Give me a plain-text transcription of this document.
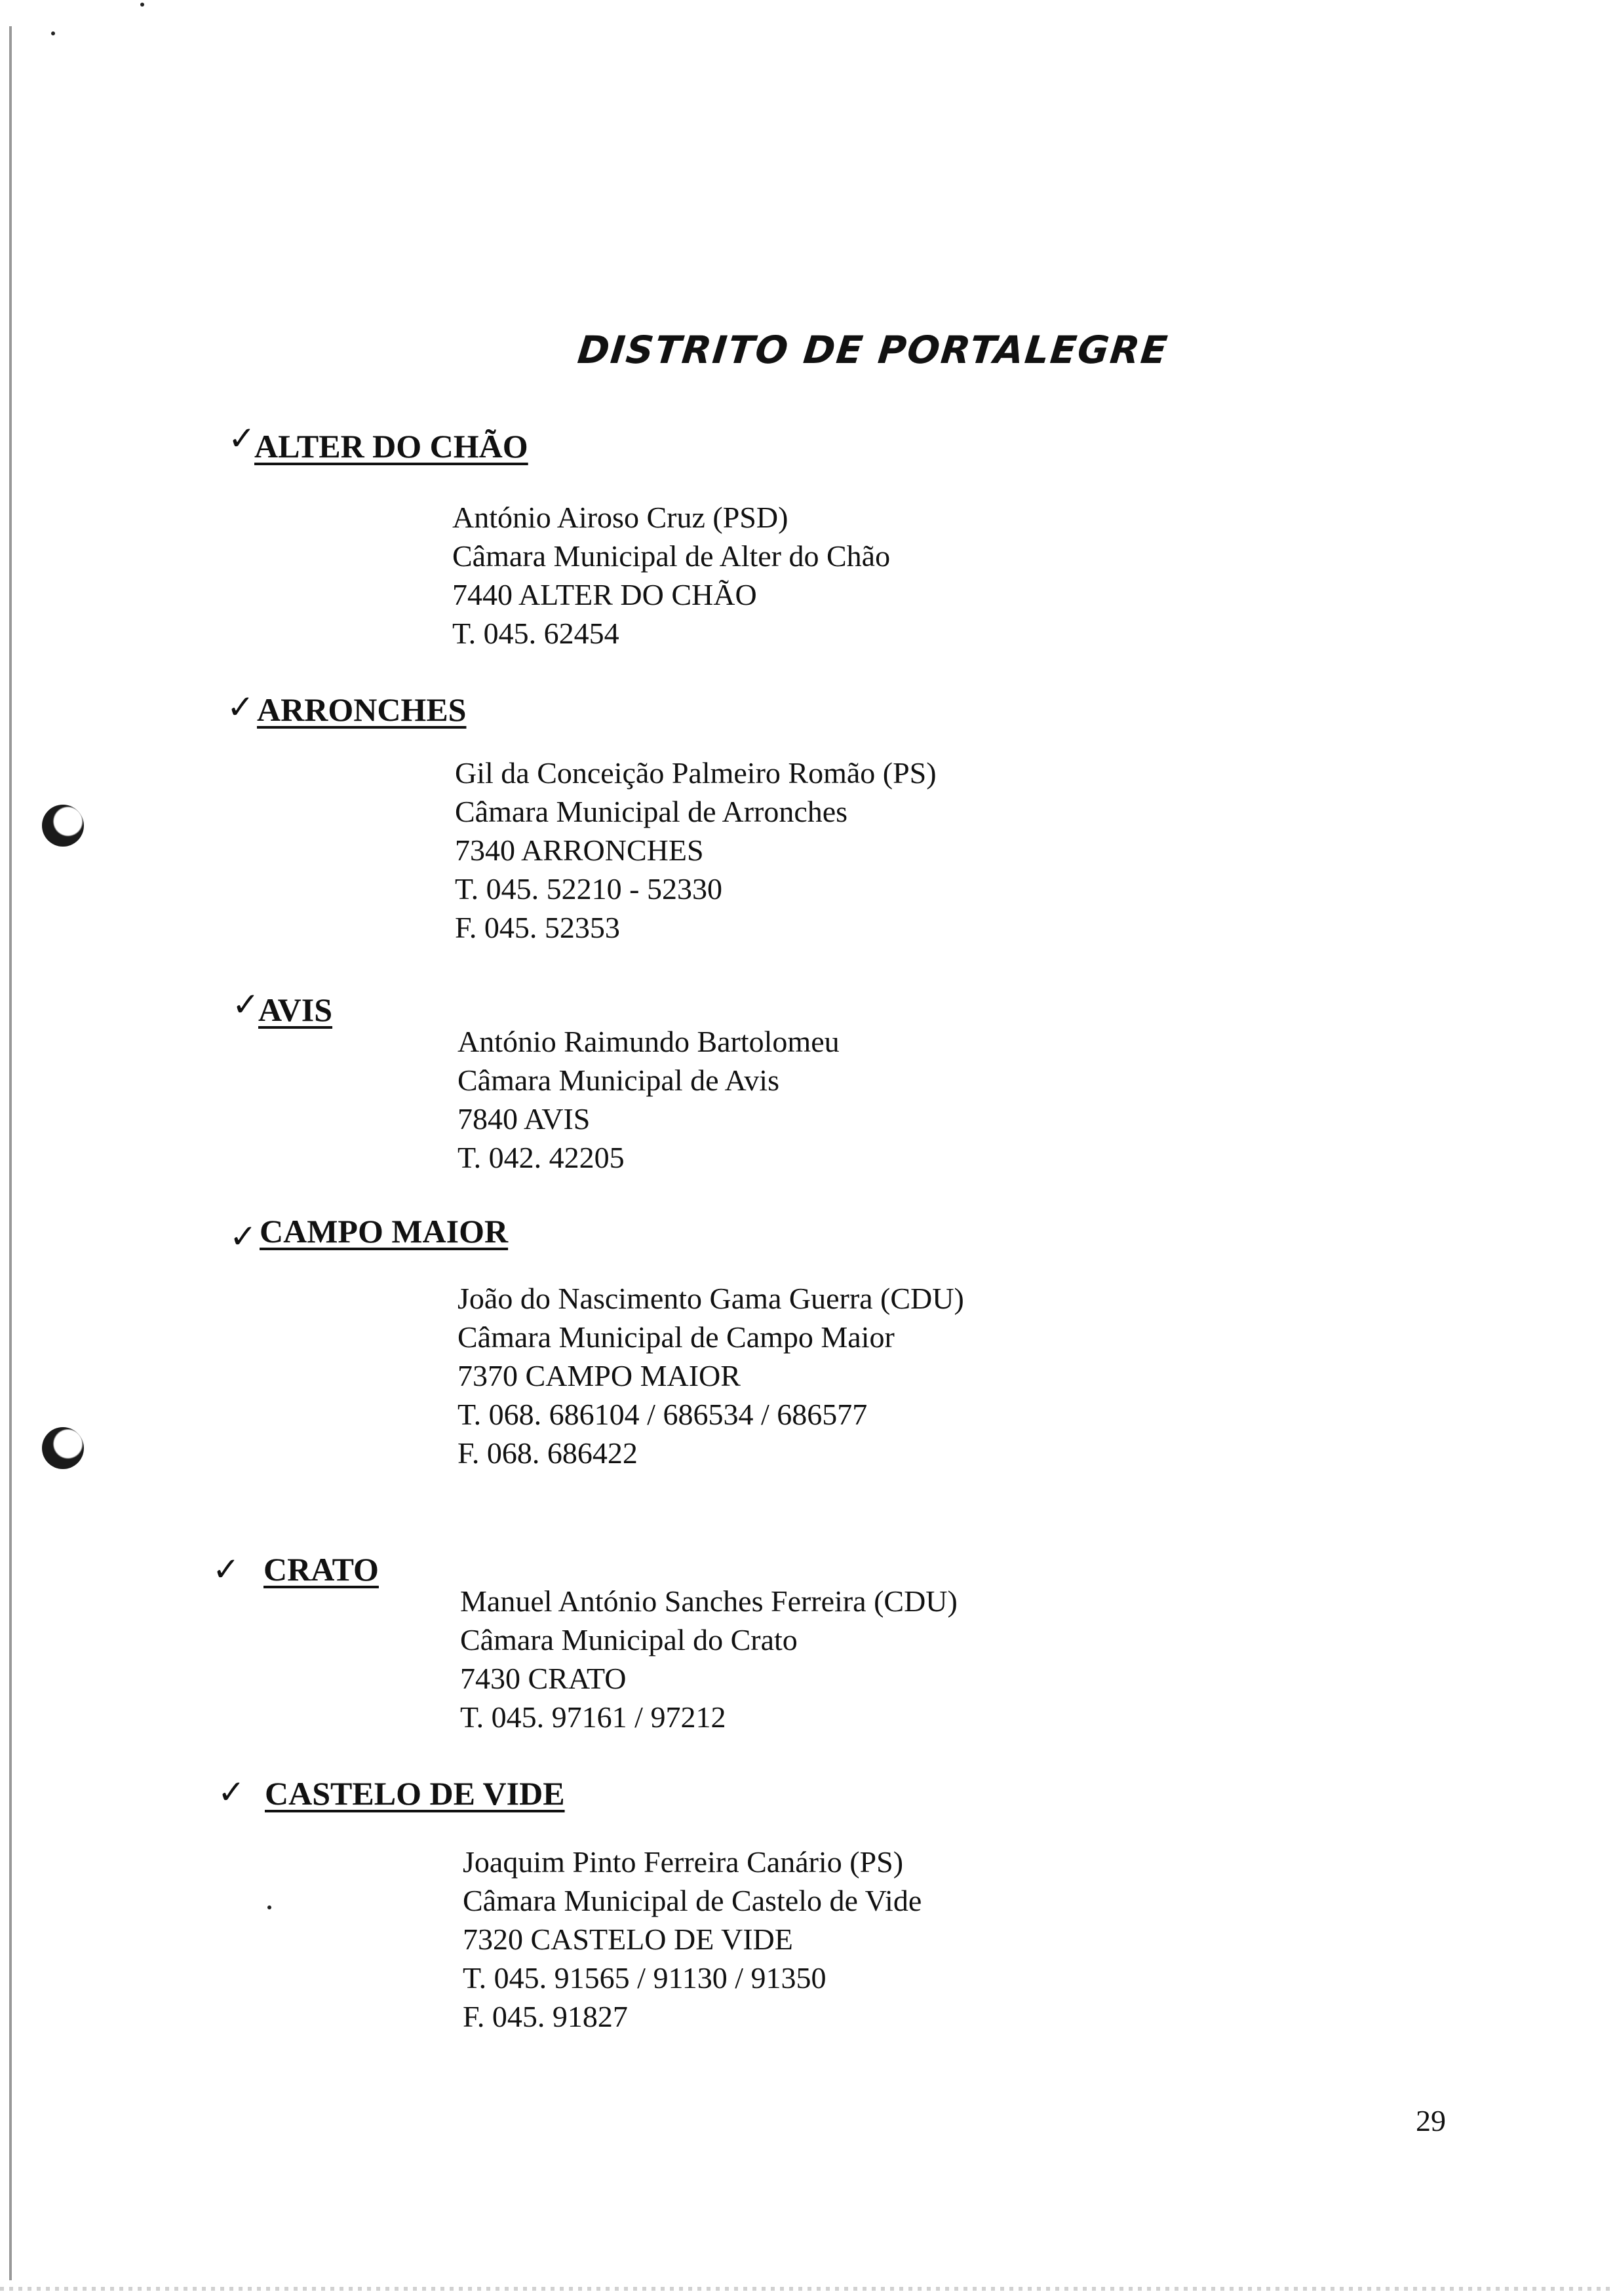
DISTRITO DE PORTALEGRE
✓
ALTER DO CHÃO
António Airoso Cruz (PSD)
Câmara Municipal de Alter do Chão
7440 ALTER DO CHÃO
T. 045. 62454
✓ ARRONCHES
Gil da Conceição Palmeiro Romão (PS)
Câmara Municipal de Arronches
7340 ARRONCHES
T. 045. 52210 - 52330
F. 045. 52353
✓
AVIS
António Raimundo Bartolomeu
Câmara Municipal de Avis
7840 AVIS
T. 042. 42205
✓ CAMPO MAIOR
João do Nascimento Gama Guerra (CDU)
Câmara Municipal de Campo Maior
7370 CAMPO MAIOR
T. 068. 686104 / 686534 / 686577
F. 068. 686422
✓ CRATO
Manuel António Sanches Ferreira (CDU)
Câmara Municipal do Crato
7430 CRATO
T. 045. 97161 / 97212
✓ CASTELO DE VIDE
Joaquim Pinto Ferreira Canário (PS)
Câmara Municipal de Castelo de Vide
7320 CASTELO DE VIDE
T. 045. 91565 / 91130 / 91350
F. 045. 91827
29
